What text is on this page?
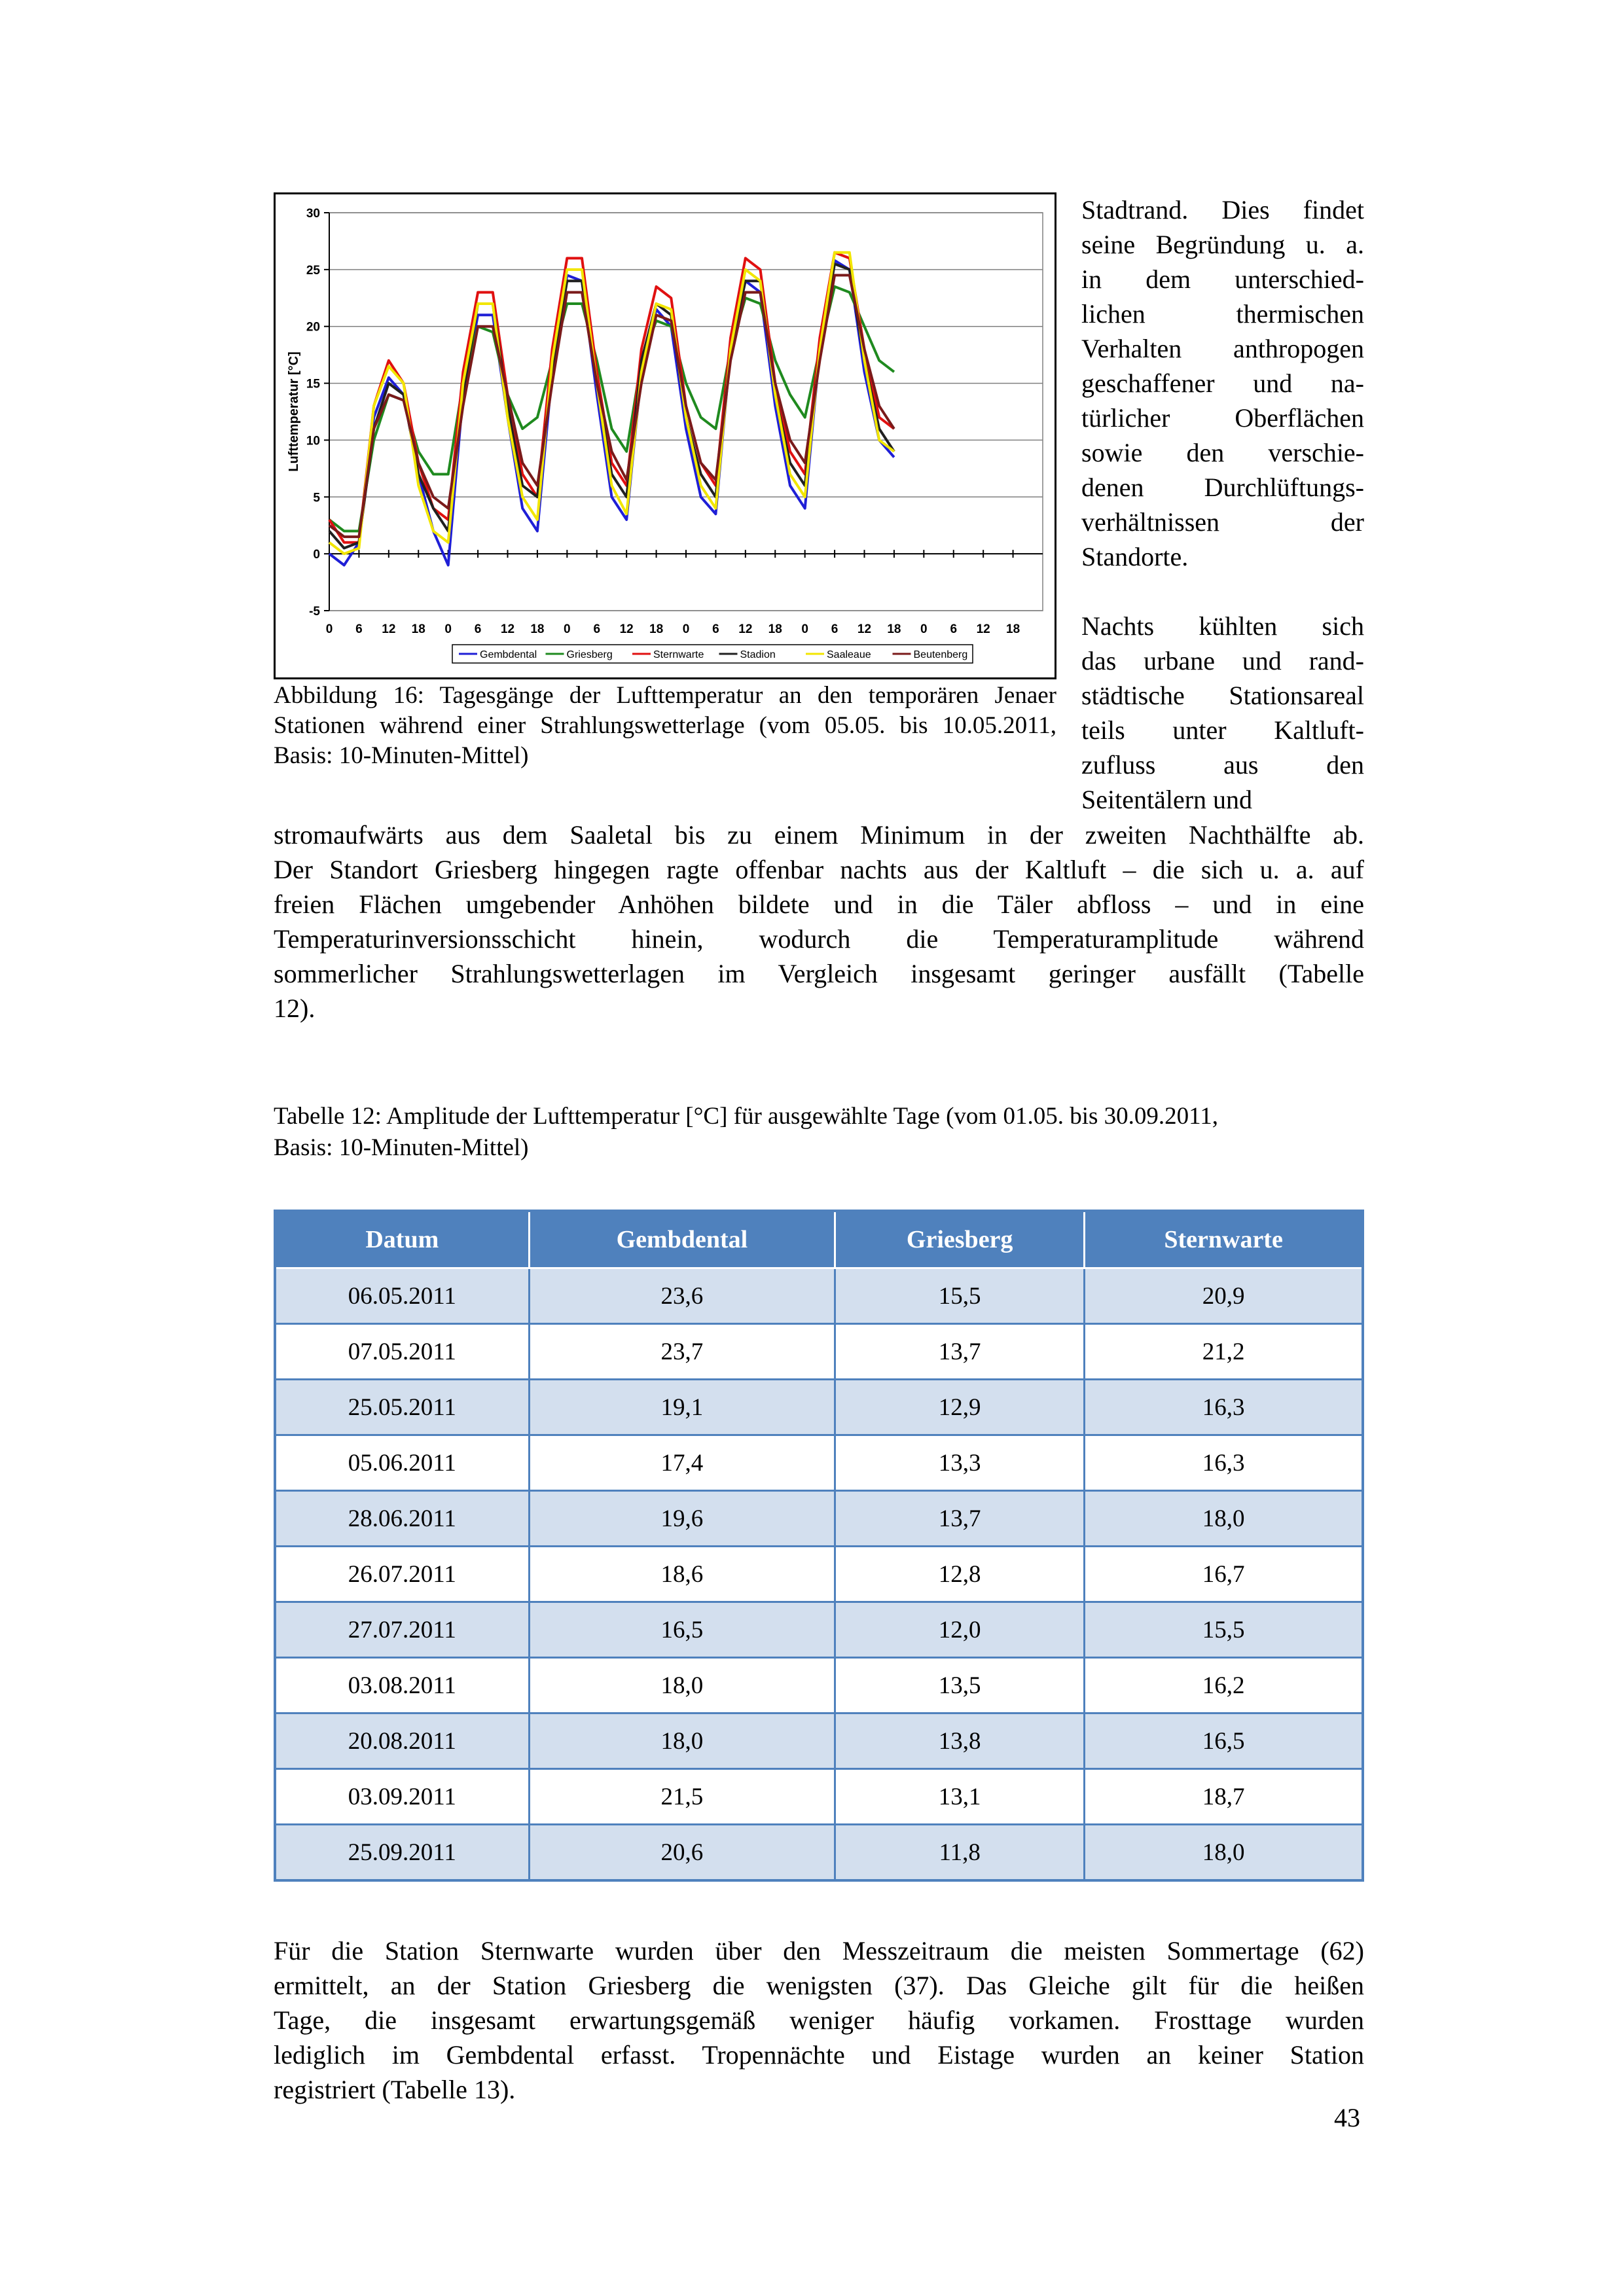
30
25
20
15
10
5
0
-5
0 6 12 18 0 6 12 18 0 6 12 18 0 6 12 18 0 6 12 18 0 6 12 18
Lufttemperatur [°C]
Gembdental	Griesberg	Sternwarte	Stadion	Saaleaue	Beutenberg
Abbildung 16: Tagesgänge der Lufttemperatur an den temporären Jenaer Stationen während einer Strahlungswetterlage (vom 05.05. bis 10.05.2011, Basis: 10-Minuten-Mittel)
Stadtrand. Dies findet
seine Begründung u. a.
in dem unterschied-
lichen thermischen
Verhalten anthropogen
geschaffener und na-
türlicher Oberflächen
sowie den verschie-
denen Durchlüftungs-
verhältnissen der
Standorte.
Nachts kühlten sich
das urbane und rand-
städtische Stationsareal
teils unter Kaltluft-
zufluss aus den
Seitentälern und
stromaufwärts aus dem Saaletal bis zu einem Minimum in der zweiten Nachthälfte ab.
Der Standort Griesberg hingegen ragte offenbar nachts aus der Kaltluft – die sich u. a. auf
freien Flächen umgebender Anhöhen bildete und in die Täler abfloss – und in eine
Temperaturinversionsschicht hinein, wodurch die Temperaturamplitude während
sommerlicher Strahlungswetterlagen im Vergleich insgesamt geringer ausfällt (Tabelle
12).
Tabelle 12: Amplitude der Lufttemperatur [°C] für ausgewählte Tage (vom 01.05. bis 30.09.2011,
Basis: 10-Minuten-Mittel)
Datum	Gembdental	Griesberg	Sternwarte
06.05.2011	23,6	15,5	20,9
07.05.2011	23,7	13,7	21,2
25.05.2011	19,1	12,9	16,3
05.06.2011	17,4	13,3	16,3
28.06.2011	19,6	13,7	18,0
26.07.2011	18,6	12,8	16,7
27.07.2011	16,5	12,0	15,5
03.08.2011	18,0	13,5	16,2
20.08.2011	18,0	13,8	16,5
03.09.2011	21,5	13,1	18,7
25.09.2011	20,6	11,8	18,0
Für die Station Sternwarte wurden über den Messzeitraum die meisten Sommertage (62)
ermittelt, an der Station Griesberg die wenigsten (37). Das Gleiche gilt für die heißen
Tage, die insgesamt erwartungsgemäß weniger häufig vorkamen. Frosttage wurden
lediglich im Gembdental erfasst. Tropennächte und Eistage wurden an keiner Station
registriert (Tabelle 13).
43
